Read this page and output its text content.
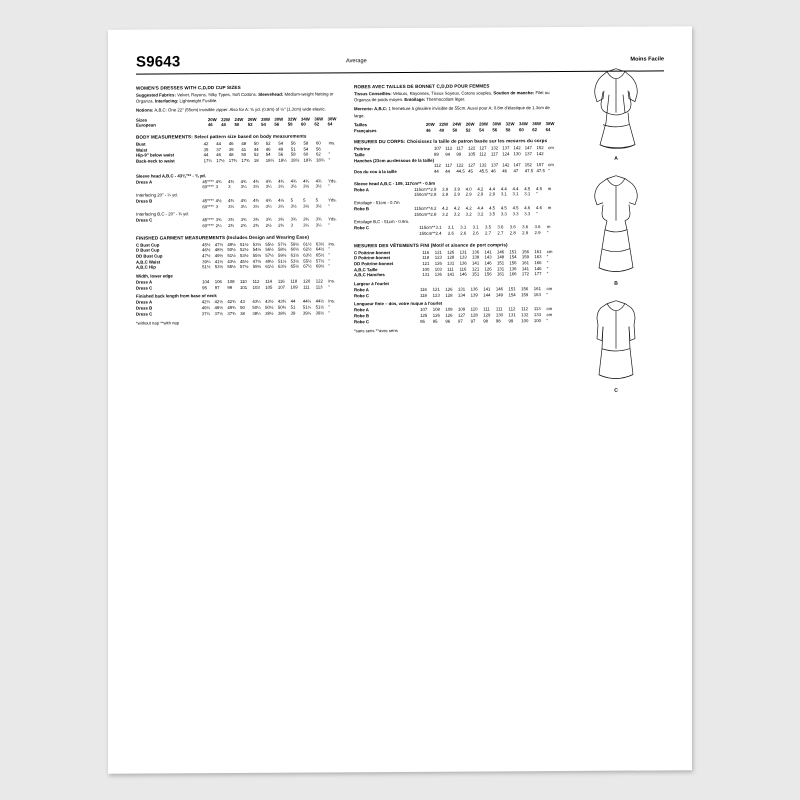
S9643	Average	Moins Facile
WOMEN'S DRESSES WITH C,D,DD CUP SIZES
Suggested Fabrics: Velvet, Rayons, Silky Types, Soft Cottons. Sleevehead: Medium-weight Netting or Organza. Interfacing: Lightweight Fusible.
Notions: A,B,C: One 22" (55cm) invisible zipper. Also for A: ⅝ yd. (0.8m) of ½" (1.3cm) wide elastic.
Sizes	20W	22W	24W	26W	28W	30W	32W	34W	36W	38W
European	46	48	50	52	54	56	58	60	62	64
BODY MEASUREMENTS: Select pattern size based on body measurements
Bust	42	44	46	48	50	52	54	56	58	60	ins.
Waist	35	37	39	41	44	46	49	51	54	56	
Hip-9" below waist	44	46	48	50	52	54	56	58	60	62	"
Back-neck to waist	17¼	17½	17¾	17¾	18	18¼	18¼	18½	18¾	18¾	"
Sleeve head A,B,C - 43¾"** - ¾ yd.
Dress A	45****	4¾	4¾	4¾	4¾	4¾	4¾	4¾	4¾	4¾	Yds.
	60****	3	3	3¼	3¼	3¼	3¼	3½	3½	3½	"
Interfacing 20" - ¼ yd.
Dress B	45****	4½	4¾	4¾	4¾	4¾	4½	5	5	5	Yds.
	60****	3	3¼	3¼	3¼	3¼	3¼	3½	3½	3½	"
Interfacing B,C - 20" - ¾ yd.
Dress C	45****	3¾	3¾	3¾	3¾	3¾	3¾	3¾	3¾	3¾	Yds.
	60****	2¼	2¾	2¾	2¾	2½	2¾	3	3¼	3¼	"
FINISHED GARMENT MEASUREMENTS (Includes Design and Wearing Ease)
C Bust Cup	45½	47½	49½	51½	53½	55½	57½	59½	61½	63½	ins.
D Bust Cup	46½	48½	50½	52½	54½	56½	58½	60½	62½	64½	"
DD Bust Cup	47½	49½	51½	53½	55½	57½	59½	61½	63½	65½	"
A,B,C Waist	39¼	41½	43½	45½	47½	49½	51½	53½	55½	57½	"
A,B,C Hip	51½	53½	55½	57½	59½	61½	63½	65½	67½	69½	"
Width, lower edge
Dress A	104	106	108	110	112	114	116	118	120	122	ins.
Dress C	95	97	99	101	103	105	107	109	111	113	"
Finished back length from base of neck
Dress A	42¼	42½	42¾	43	43¼	43½	43¾	44	44¼	44½	ins.
Dress B	49¼	49½	49¾	50	50¼	50½	50¾	51	51¼	51½	"
Dress C	37¼	37½	37¾	38	38¼	38½	38¾	39	39¼	39½	"
*without nap **with nap
ROBES AVEC TAILLES DE BONNET C,D,DD POUR FEMMES
Tissus Conseillés: Velours, Rayonnes, Tissus Soyeux, Cotons souples. Soutien de manche: Filet ou Organza de poids moyen. Entoilage: Thermocollant léger.
Mercerie: A,B,C: 1 fermeture à glissière invisible de 55cm. Aussi pour A: 0.8m d'élastique de 1.3cm de large.
Tailles	20W	22W	24W	26W	28W	30W	32W	34W	36W	38W
Françaises	46	48	50	52	54	56	58	60	62	64
MESURES DU CORPS: Choisissez la taille de patron basée sur les mesures du corps
Poitrine	107	112	117	122	127	132	137	142	147	152	cm
Taille	89	94	99	105	112	117	124	130	137	142	
Hanches (23cm au-dessous de la taille)											
	112	117	122	127	132	137	142	147	152	157	cm
Dos du cou à la taille	44	44	44.5	45	45.5	46	46	47	47.5	47.5	"
Sleeve head A,B,C - 109, 117cm** - 0.5m
Robe A	115cm**	2.9	3.9	3.9	4.0	4.2	4.4	4.4	4.4	4.5	4.5	m
	150cm**	2.8	2.8	2.9	2.9	2.9	2.9	3.1	3.1	3.1	"	
Entoilage - 51cm - 0.7m
Robe B	115cm**	4.2	4.2	4.2	4.2	4.4	4.5	4.5	4.5	4.6	4.6	m
	150cm**	2.8	3.2	3.2	3.2	3.2	3.5	3.3	3.3	3.3	"	
Entoilage B,C - 51cm - 0.9m.
Robe C	115cm**	3.1	3.1	3.1	3.1	3.5	3.6	3.6	3.6	3.6	m
	150cm**	2.4	2.6	2.6	2.6	2.7	2.7	2.8	2.9	2.9	"
MESURES DES VÊTEMENTS FINI (Motif et aisance de port compris)
C Poitrine-bonnet	116	121	126	131	136	141	146	151	156	161	cm
D Poitrine-bonnet	118	123	128	133	138	143	148	154	159	163	"
DD Poitrine-bonnet	121	126	131	136	141	146	151	156	161	166	"
A,B,C Taille	100	103	111	116	121	126	131	136	141	146	"
A,B,C Hanches	131	136	141	146	151	156	161	166	172	177	"
Largeur à l'ourlet
Robe A	116	121	126	131	136	141	146	151	156	161	cm
Robe C	118	123	128	134	139	144	149	154	159	163	"
Longueur finie – dos, votre nuque à l'ourlet
Robe A	107	108	109	109	110	111	111	112	112	113	cm
Robe B	125	126	126	127	128	129	130	131	132	133	cm
Robe C	95	95	96	97	97	98	98	99	100	100	"
*sans sens **avec sens
A
B
C
